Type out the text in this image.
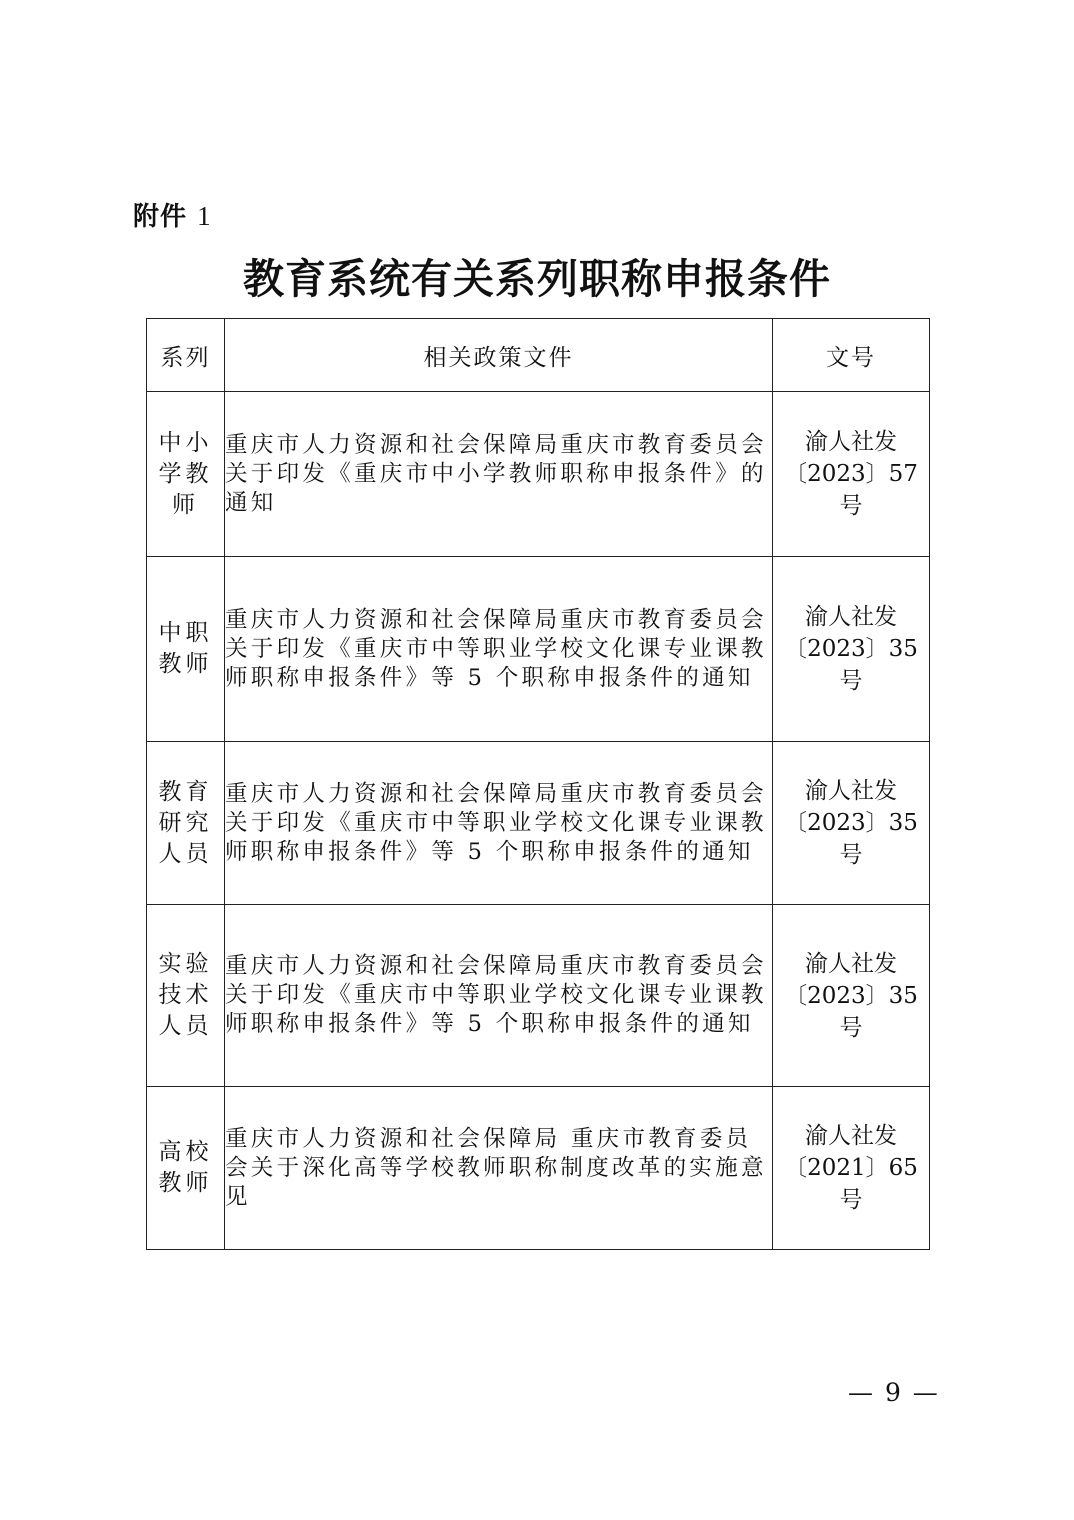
附件 1
教育系统有关系列职称申报条件
系列	相关政策文件	文号
中小学教师	重庆市人力资源和社会保障局重庆市教育委员会关于印发《重庆市中小学教师职称申报条件》的通知	渝人社发
〔2023〕57 号

中职教师	重庆市人力资源和社会保障局重庆市教育委员会关于印发《重庆市中等职业学校文化课专业课教师职称申报条件》等 5 个职称申报条件的通知	渝人社发
〔2023〕35 号

教育研究人员	重庆市人力资源和社会保障局重庆市教育委员会关于印发《重庆市中等职业学校文化课专业课教师职称申报条件》等 5 个职称申报条件的通知	渝人社发
〔2023〕35 号

实验技术人员	重庆市人力资源和社会保障局重庆市教育委员会关于印发《重庆市中等职业学校文化课专业课教师职称申报条件》等 5 个职称申报条件的通知	渝人社发
〔2023〕35 号

高校教师	重庆市人力资源和社会保障局 重庆市教育委员会关于深化高等学校教师职称制度改革的实施意见	渝人社发
〔2021〕65 号
— 9 —
